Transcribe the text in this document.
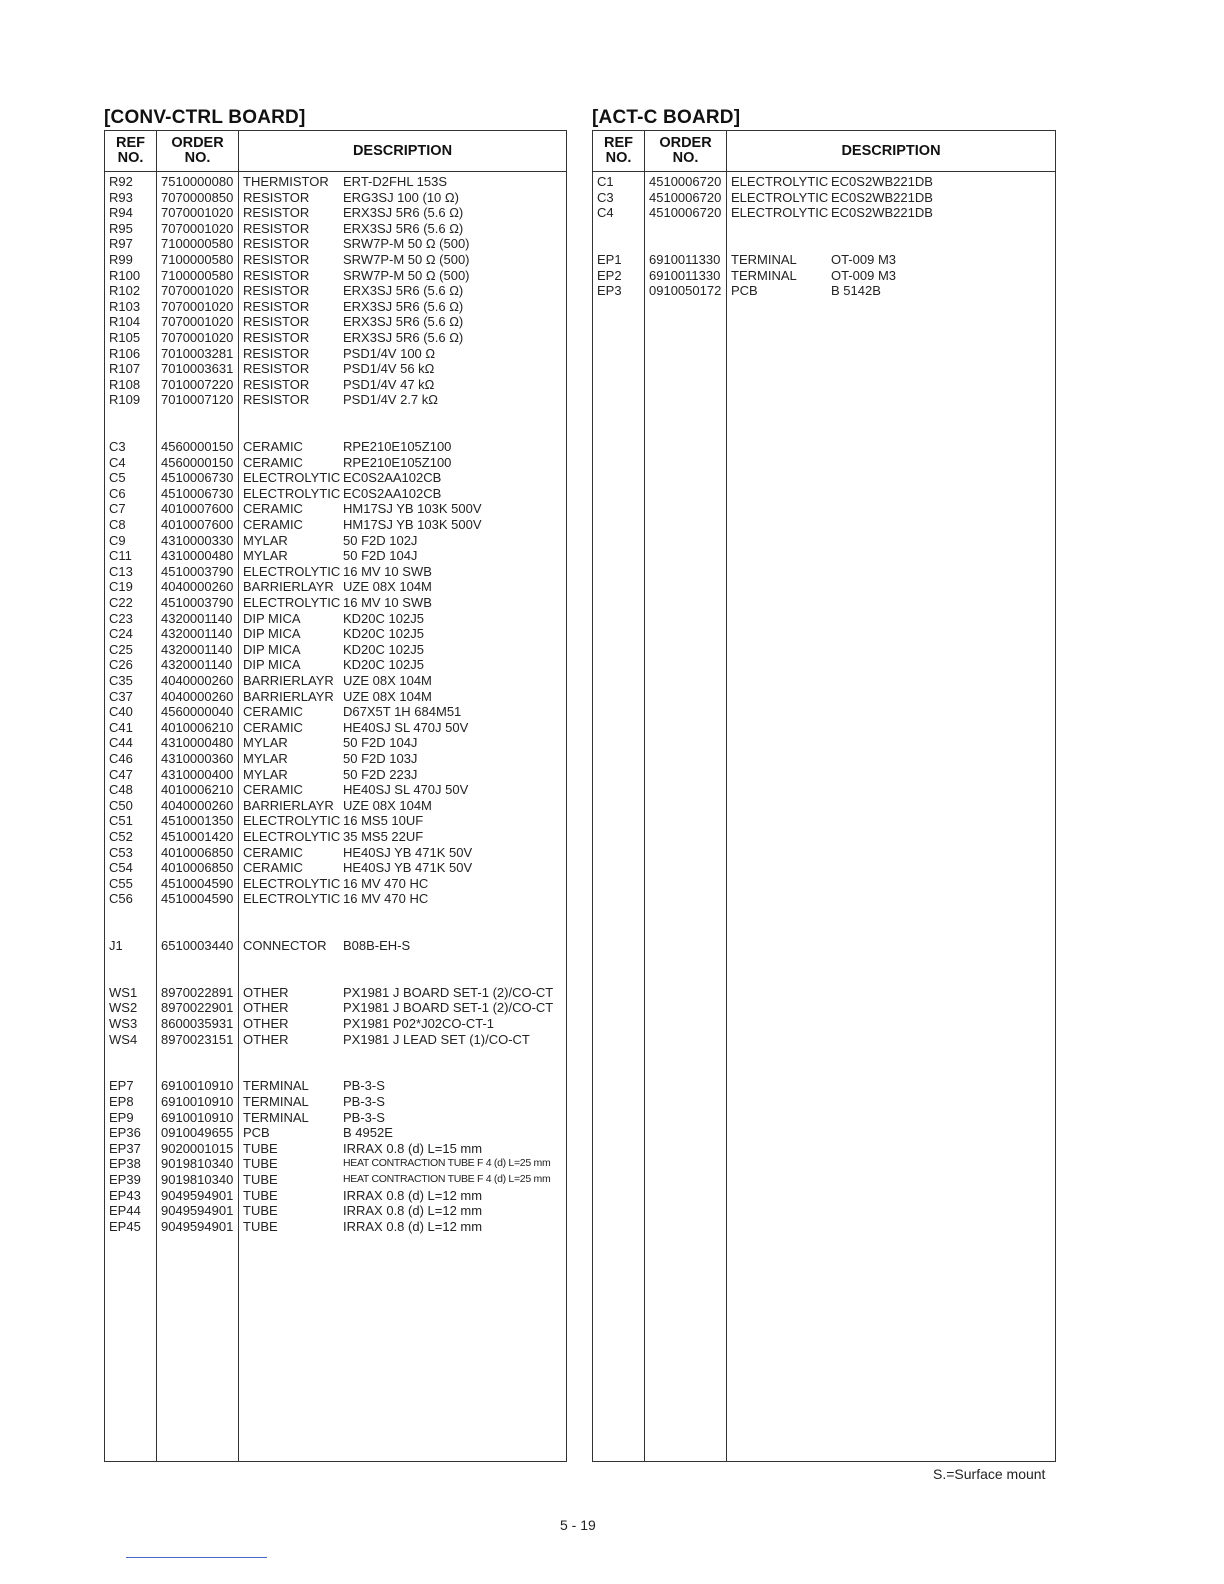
[CONV-CTRL BOARD]
REF
NO.
ORDER
NO.	DESCRIPTION
R92	7510000080 THERMISTOR	ERT-D2FHL 153S
R93	7070000850 RESISTOR	ERG3SJ 100 (10 Ω)
R94	7070001020 RESISTOR	ERX3SJ 5R6 (5.6 Ω)
R95	7070001020 RESISTOR	ERX3SJ 5R6 (5.6 Ω)
R97	7100000580 RESISTOR	SRW7P-M 50 Ω (500)
R99	7100000580 RESISTOR	SRW7P-M 50 Ω (500)
R100	7100000580 RESISTOR	SRW7P-M 50 Ω (500)
R102	7070001020 RESISTOR	ERX3SJ 5R6 (5.6 Ω)
R103	7070001020 RESISTOR	ERX3SJ 5R6 (5.6 Ω)
R104	7070001020 RESISTOR	ERX3SJ 5R6 (5.6 Ω)
R105	7070001020 RESISTOR	ERX3SJ 5R6 (5.6 Ω)
R106	7010003281 RESISTOR	PSD1/4V 100 Ω
R107	7010003631 RESISTOR	PSD1/4V 56 kΩ
R108	7010007220 RESISTOR	PSD1/4V 47 kΩ
R109	7010007120 RESISTOR	PSD1/4V 2.7 kΩ
C3	4560000150 CERAMIC	RPE210E105Z100
C4	4560000150 CERAMIC	RPE210E105Z100
C5	4510006730 ELECTROLYTIC EC0S2AA102CB
C6	4510006730 ELECTROLYTIC EC0S2AA102CB
C7	4010007600 CERAMIC	HM17SJ YB 103K 500V
C8	4010007600 CERAMIC	HM17SJ YB 103K 500V
C9	4310000330 MYLAR	50 F2D 102J
C11	4310000480 MYLAR	50 F2D 104J
C13	4510003790 ELECTROLYTIC 16 MV 10 SWB
C19	4040000260 BARRIERLAYR UZE 08X 104M
C22	4510003790 ELECTROLYTIC 16 MV 10 SWB
C23	4320001140 DIP MICA	KD20C 102J5
C24	4320001140 DIP MICA	KD20C 102J5
C25	4320001140 DIP MICA	KD20C 102J5
C26	4320001140 DIP MICA	KD20C 102J5
C35	4040000260 BARRIERLAYR UZE 08X 104M
C37	4040000260 BARRIERLAYR UZE 08X 104M
C40	4560000040 CERAMIC	D67X5T 1H 684M51
C41	4010006210 CERAMIC	HE40SJ SL 470J 50V
C44	4310000480 MYLAR	50 F2D 104J
C46	4310000360 MYLAR	50 F2D 103J
C47	4310000400 MYLAR	50 F2D 223J
C48	4010006210 CERAMIC	HE40SJ SL 470J 50V
C50	4040000260 BARRIERLAYR UZE 08X 104M
C51	4510001350 ELECTROLYTIC 16 MS5 10UF
C52	4510001420 ELECTROLYTIC 35 MS5 22UF
C53	4010006850 CERAMIC	HE40SJ YB 471K 50V
C54	4010006850 CERAMIC	HE40SJ YB 471K 50V
C55	4510004590 ELECTROLYTIC 16 MV 470 HC
C56	4510004590 ELECTROLYTIC 16 MV 470 HC
J1	6510003440 CONNECTOR	B08B-EH-S
WS1	8970022891 OTHER	PX1981 J BOARD SET-1 (2)/CO-CT
WS2	8970022901 OTHER	PX1981 J BOARD SET-1 (2)/CO-CT
WS3	8600035931 OTHER	PX1981 P02*J02CO-CT-1
WS4	8970023151 OTHER	PX1981 J LEAD SET (1)/CO-CT
EP7	6910010910 TERMINAL	PB-3-S
EP8	6910010910 TERMINAL	PB-3-S
EP9	6910010910 TERMINAL	PB-3-S
EP36	0910049655 PCB	B 4952E
EP37	9020001015 TUBE	IRRAX 0.8 (d) L=15 mm
EP38	9019810340 TUBE	HEAT CONTRACTION TUBE F 4 (d) L=25 mm
EP39	9019810340 TUBE	HEAT CONTRACTION TUBE F 4 (d) L=25 mm
EP43	9049594901 TUBE	IRRAX 0.8 (d) L=12 mm
EP44	9049594901 TUBE	IRRAX 0.8 (d) L=12 mm
EP45	9049594901 TUBE	IRRAX 0.8 (d) L=12 mm
[ACT-C BOARD]
REF
NO.
ORDER
NO.	DESCRIPTION
C1	4510006720 ELECTROLYTIC EC0S2WB221DB
C3	4510006720 ELECTROLYTIC EC0S2WB221DB
C4	4510006720 ELECTROLYTIC EC0S2WB221DB
EP1	6910011330 TERMINAL	OT-009 M3
EP2	6910011330 TERMINAL	OT-009 M3
EP3	0910050172 PCB	B 5142B
S.=Surface mount
5 - 19
